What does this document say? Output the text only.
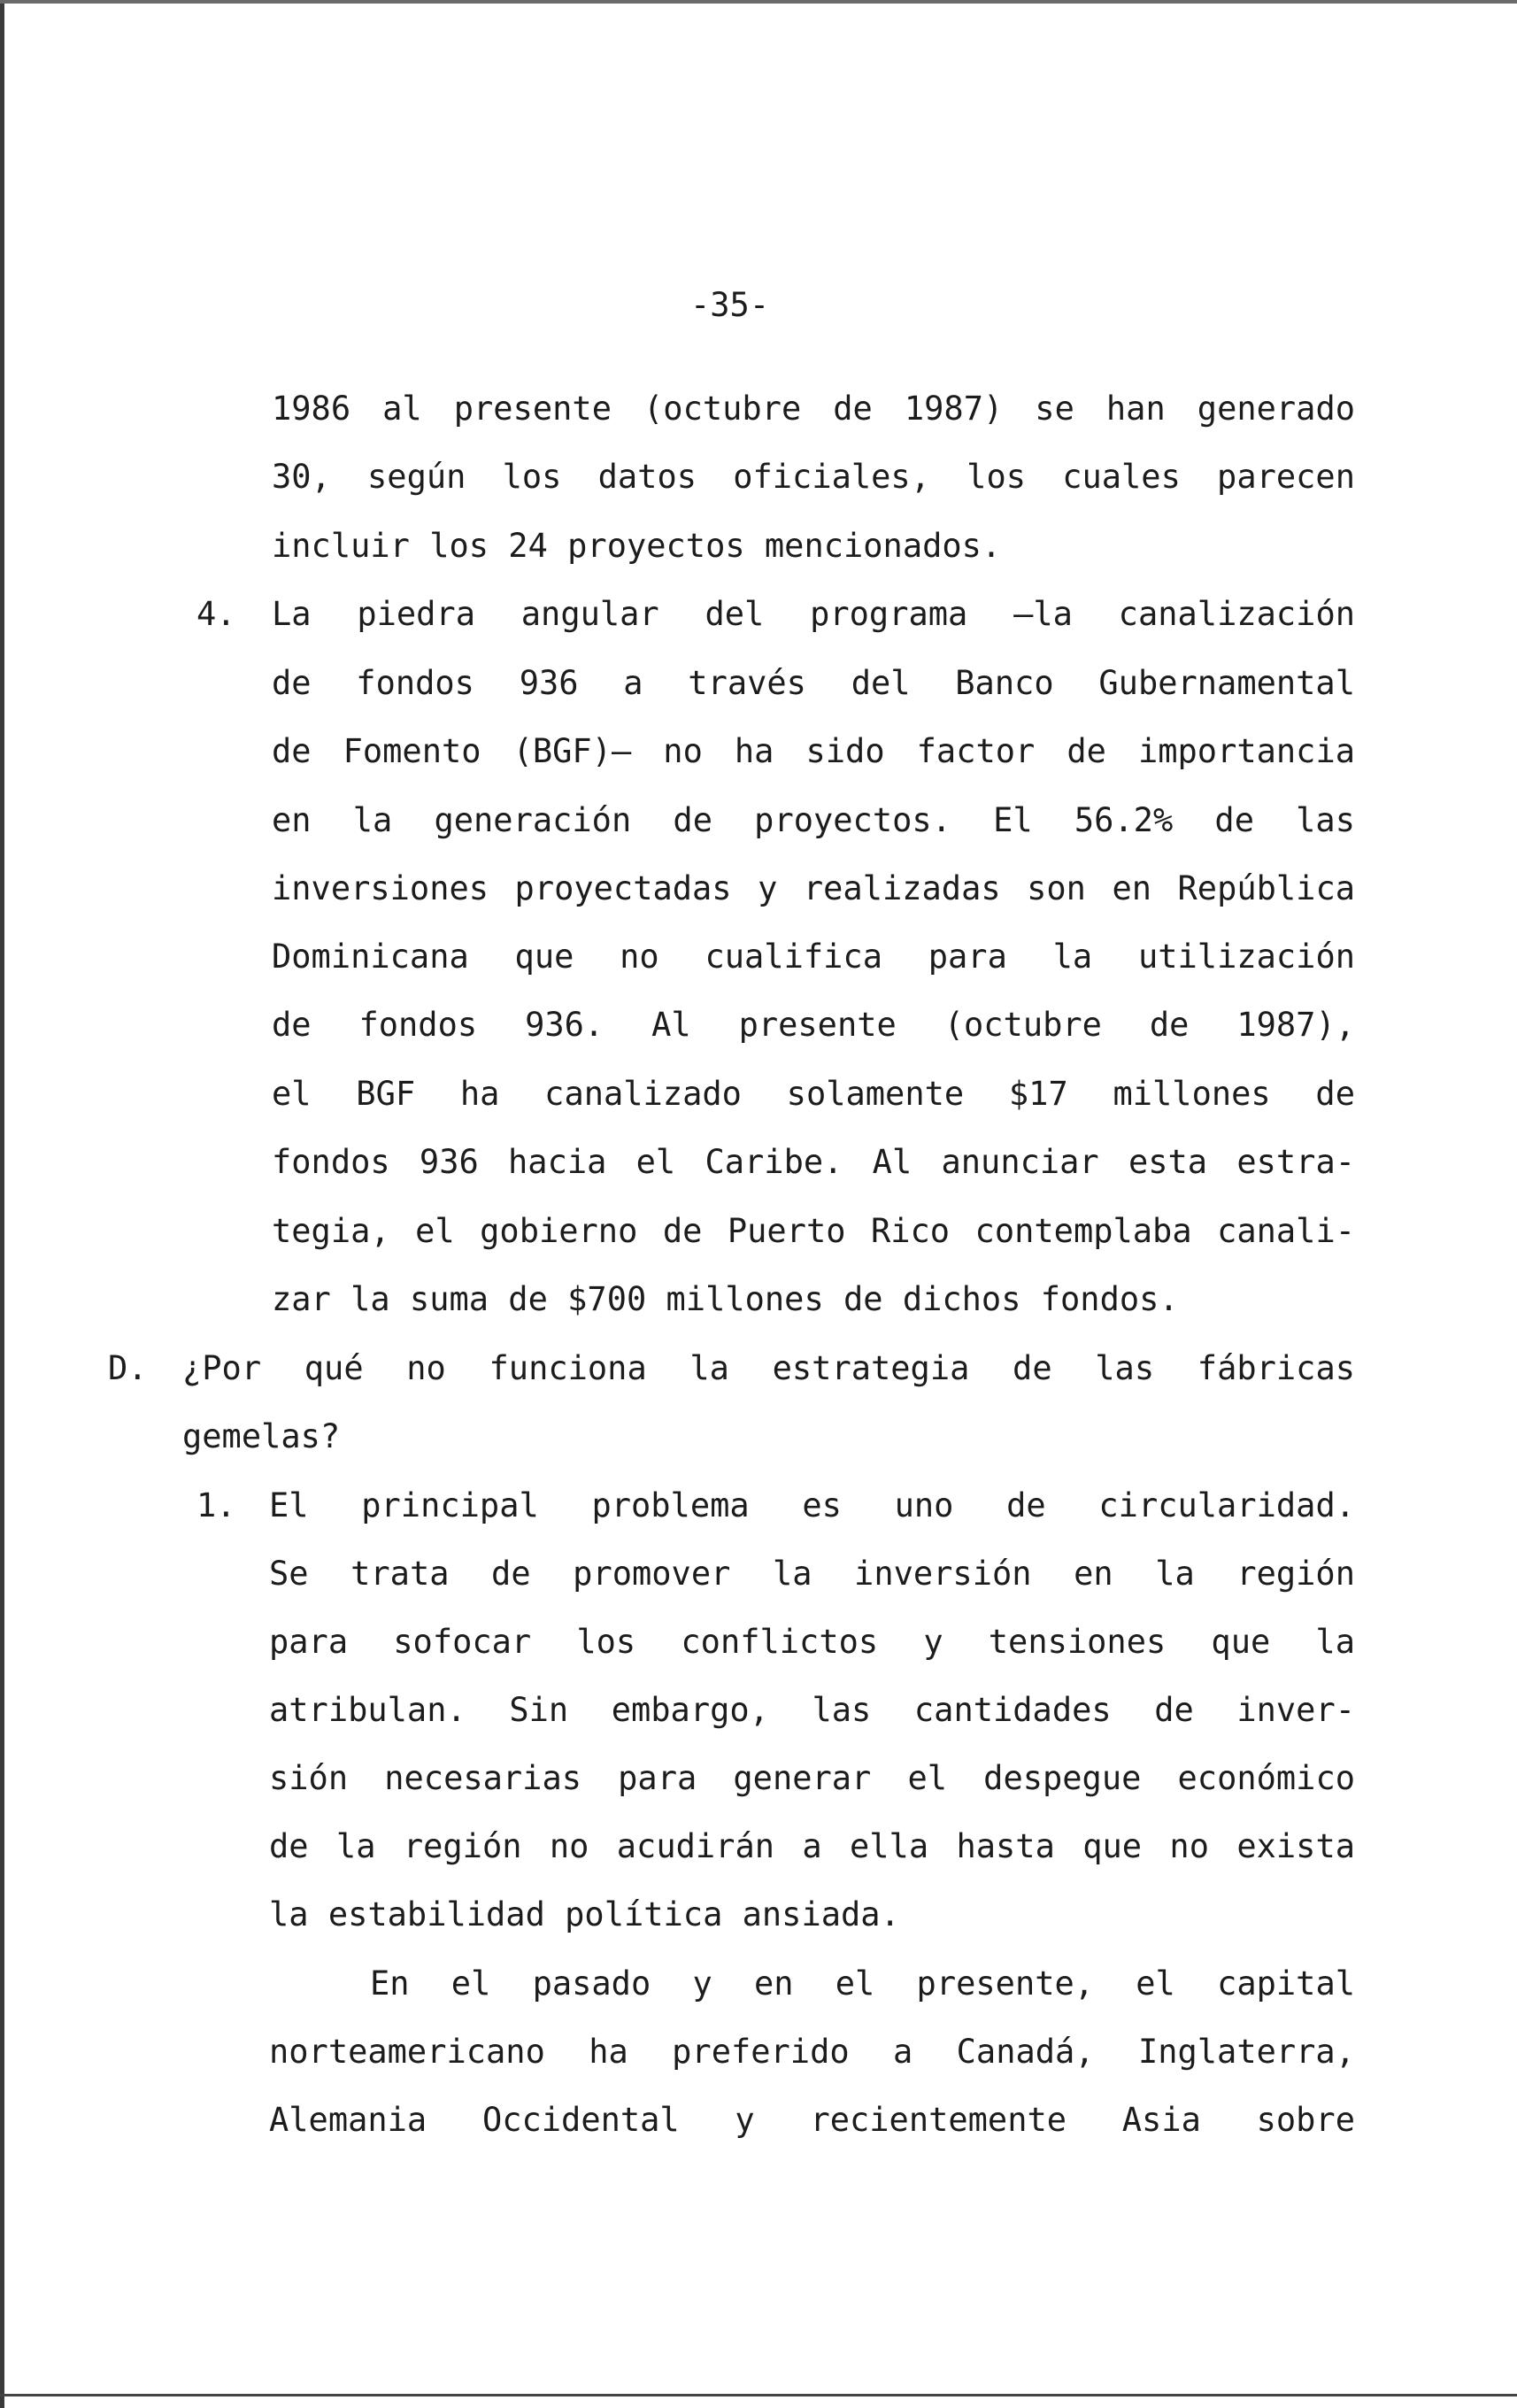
-35-
1986 al presente (octubre de 1987) se han generado
30, según los datos oficiales, los cuales parecen
incluir los 24 proyectos mencionados.
4. La piedra angular del programa —la canalización
de fondos 936 a través del Banco Gubernamental
de Fomento (BGF)— no ha sido factor de importancia
en la generación de proyectos. El 56.2% de las
inversiones proyectadas y realizadas son en República
Dominicana que no cualifica para la utilización
de fondos 936. Al presente (octubre de 1987),
el BGF ha canalizado solamente $17 millones de
fondos 936 hacia el Caribe. Al anunciar esta estra-
tegia, el gobierno de Puerto Rico contemplaba canali-
zar la suma de $700 millones de dichos fondos.
D. ¿Por qué no funciona la estrategia de las fábricas
gemelas?
1. El principal problema es uno de circularidad.
Se trata de promover la inversión en la región
para sofocar los conflictos y tensiones que la
atribulan. Sin embargo, las cantidades de inver-
sión necesarias para generar el despegue económico
de la región no acudirán a ella hasta que no exista
la estabilidad política ansiada.
En el pasado y en el presente, el capital
norteamericano ha preferido a Canadá, Inglaterra,
Alemania Occidental y recientemente Asia sobre
